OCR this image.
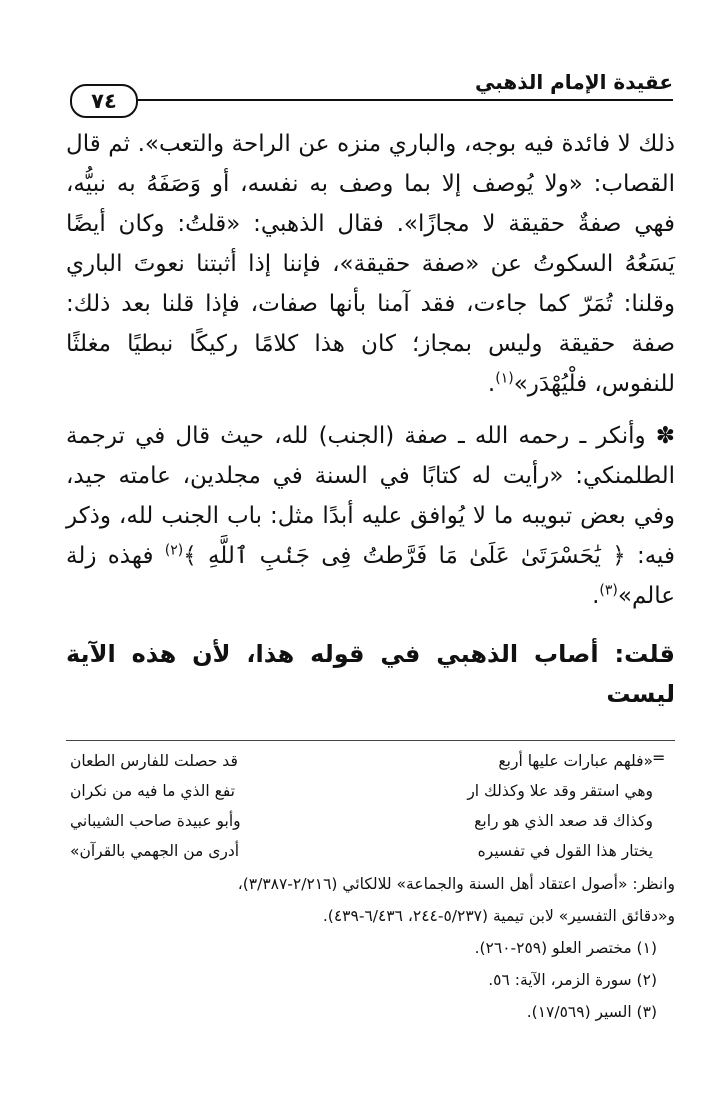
عقيدة الإمام الذهبي
٧٤

ذلك لا فائدة فيه بوجه، والباري منزه عن الراحة والتعب». ثم قال القصاب: «ولا يُوصف إلا بما وصف به نفسه، أو وَصَفَهُ به نبيُّه، فهي صفةٌ حقيقة لا مجازًا». فقال الذهبي: «قلتُ: وكان أيضًا يَسَعُهُ السكوتُ عن «صفة حقيقة»، فإننا إذا أثبتنا نعوتَ الباري وقلنا: تُمَرّ كما جاءت، فقد آمنا بأنها صفات، فإذا قلنا بعد ذلك: صفة حقيقة وليس بمجاز؛ كان هذا كلامًا ركيكًا نبطيًا مغلثًا للنفوس، فلْيُهْدَر»$^{(١)}$.

✽ وأنكر ـ رحمه الله ـ صفة (الجنب) لله، حيث قال في ترجمة الطلمنكي: «رأيت له كتابًا في السنة في مجلدين، عامته جيد، وفي بعض تبويبه ما لا يُوافق عليه أبدًا مثل: باب الجنب لله، وذكر فيه: ﴿ يَٰحَسْرَتَىٰ عَلَىٰ مَا فَرَّطتُ فِى جَنۢبِ ٱللَّهِ ﴾$^{(٢)}$ فهذه زلة عالم»$^{(٣)}$.

قلت: أصاب الذهبي في قوله هذا، لأن هذه الآية ليست

=
«فلهم عبارات عليها أربع
قد حصلت للفارس الطعان
وهي استقر وقد علا وكذلك ار
تفع الذي ما فيه من نكران
وكذاك قد صعد الذي هو رابع
وأبو عبيدة صاحب الشيباني
يختار هذا القول في تفسيره
أدرى من الجهمي بالقرآن»

وانظر: «أصول اعتقاد أهل السنة والجماعة» للالكائي (٢/٢١٦-٣/٣٨٧)،

و«دقائق التفسير» لابن تيمية (٥/٢٣٧-٢٤٤، ٦/٤٣٦-٤٣٩).

(١) مختصر العلو (٢٥٩-٢٦٠).

(٢) سورة الزمر، الآية: ٥٦.

(٣) السير (١٧/٥٦٩).
